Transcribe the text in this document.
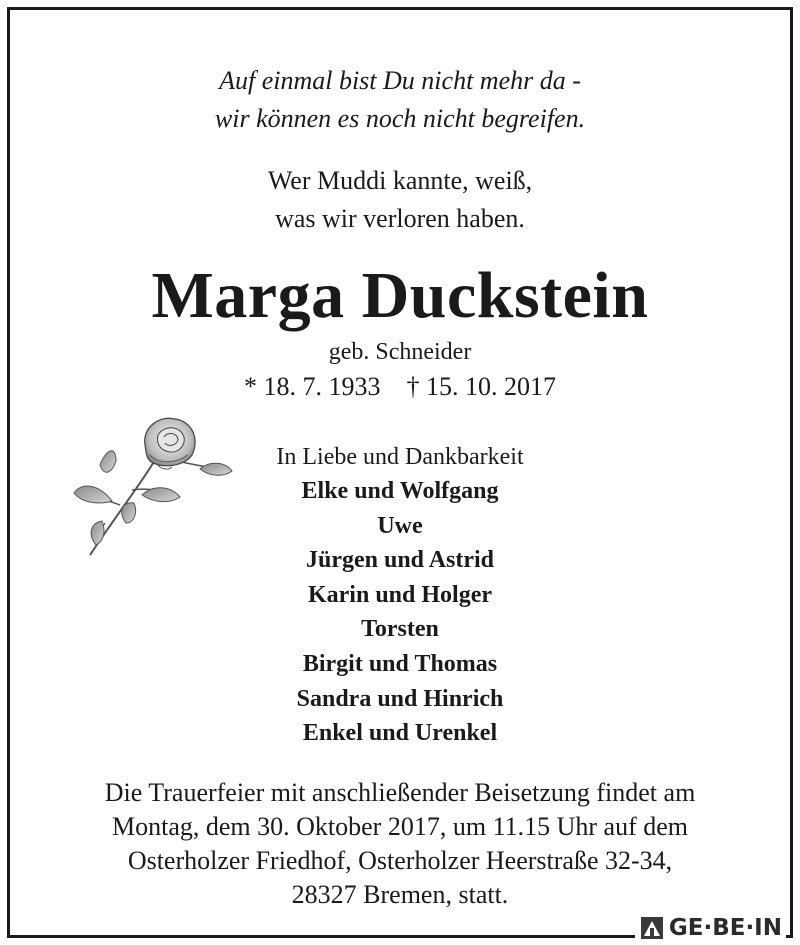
Auf einmal bist Du nicht mehr da -
wir können es noch nicht begreifen.
Wer Muddi kannte, weiß,
was wir verloren haben.
Marga Duckstein
geb. Schneider
* 18. 7. 1933 † 15. 10. 2017
In Liebe und Dankbarkeit
Elke und Wolfgang
Uwe
Jürgen und Astrid
Karin und Holger
Torsten
Birgit und Thomas
Sandra und Hinrich
Enkel und Urenkel
Die Trauerfeier mit anschließender Beisetzung findet am
Montag, dem 30. Oktober 2017, um 11.15 Uhr auf dem
Osterholzer Friedhof, Osterholzer Heerstraße 32-34,
28327 Bremen, statt.
GE·BE·IN
